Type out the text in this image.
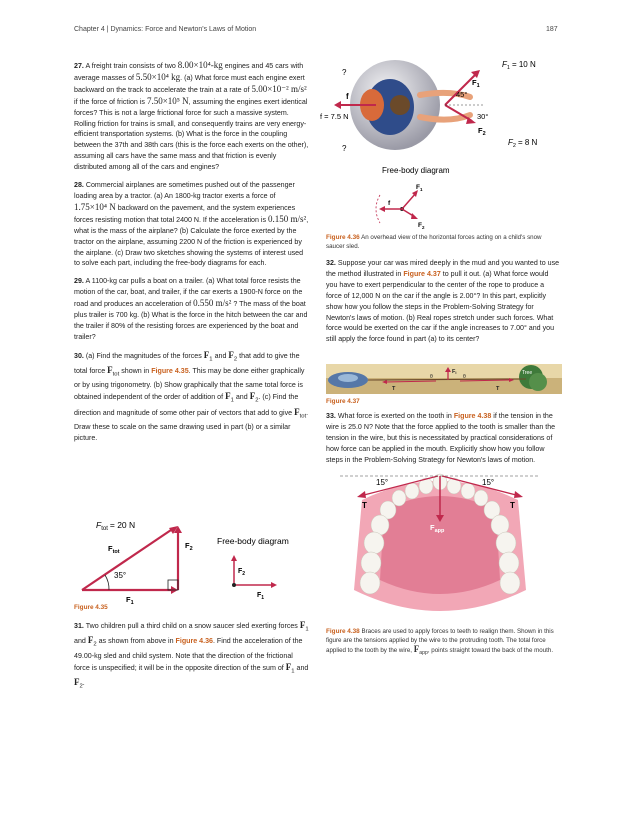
Chapter 4 | Dynamics: Force and Newton's Laws of Motion	187

27. A freight train consists of two 8.00×10⁴-kg engines and 45 cars with average masses of 5.50×10⁴ kg. (a) What force must each engine exert backward on the track to accelerate the train at a rate of 5.00×10⁻² m/s² if the force of friction is 7.50×10⁵ N, assuming the engines exert identical forces? This is not a large frictional force for such a massive system. Rolling friction for trains is small, and consequently trains are very energy-efficient transportation systems. (b) What is the force in the coupling between the 37th and 38th cars (this is the force each exerts on the other), assuming all cars have the same mass and that friction is evenly distributed among all of the cars and engines?

28. Commercial airplanes are sometimes pushed out of the passenger loading area by a tractor. (a) An 1800-kg tractor exerts a force of 1.75×10⁴ N backward on the pavement, and the system experiences forces resisting motion that total 2400 N. If the acceleration is 0.150 m/s², what is the mass of the airplane? (b) Calculate the force exerted by the tractor on the airplane, assuming 2200 N of the friction is experienced by the airplane. (c) Draw two sketches showing the systems of interest used to solve each part, including the free-body diagrams for each.

29. A 1100-kg car pulls a boat on a trailer. (a) What total force resists the motion of the car, boat, and trailer, if the car exerts a 1900-N force on the road and produces an acceleration of 0.550 m/s² ? The mass of the boat plus trailer is 700 kg. (b) What is the force in the hitch between the car and the trailer if 80% of the resisting forces are experienced by the boat and trailer?

30. (a) Find the magnitudes of the forces $F_1$ and $F_2$ that add to give the total force $F_{tot}$ shown in Figure 4.35. This may be done either graphically or by using trigonometry. (b) Show graphically that the same total force is obtained independent of the order of addition of $F_1$ and $F_2$. (c) Find the direction and magnitude of some other pair of vectors that add to give $F_{tot}$. Draw these to scale on the same drawing used in part (b) or a similar picture.

$F_{tot} = 20$ N
$F_{tot}$
$F_2$
35°
$F_1$
Free-body diagram
$F_2$
$F_1$
Figure 4.35

31. Two children pull a third child on a snow saucer sled exerting forces $F_1$ and $F_2$ as shown from above in Figure 4.36. Find the acceleration of the 49.00-kg sled and child system. Note that the direction of the frictional force is unspecified; it will be in the opposite direction of the sum of $F_1$ and $F_2$.

$F_1 = 10$ N
?
?
f
f = 7.5 N
45°
30°
$F_1$
$F_2$
$F_2 = 8$ N
Free-body diagram
$F_1$
f
$F_2$
Figure 4.36 An overhead view of the horizontal forces acting on a child's snow saucer sled.

32. Suppose your car was mired deeply in the mud and you wanted to use the method illustrated in Figure 4.37 to pull it out. (a) What force would you have to exert perpendicular to the center of the rope to produce a force of 12,000 N on the car if the angle is 2.00°? In this part, explicitly show how you follow the steps in the Problem-Solving Strategy for Newton's laws of motion. (b) Real ropes stretch under such forces. What force would be exerted on the car if the angle increases to 7.00° and you still apply the force found in part (a) to its center?

Fi
T	T
θ	θ
Tree
Figure 4.37

33. What force is exerted on the tooth in Figure 4.38 if the tension in the wire is 25.0 N? Note that the force applied to the tooth is smaller than the tension in the wire, but this is necessitated by practical considerations of how force can be applied in the mouth. Explicitly show how you follow steps in the Problem-Solving Strategy for Newton's laws of motion.

15°	15°
T	T
$F_{app}$
Figure 4.38 Braces are used to apply forces to teeth to realign them. Shown in this figure are the tensions applied by the wire to the protruding tooth. The total force applied to the tooth by the wire, $F_{app}$, points straight toward the back of the mouth.
